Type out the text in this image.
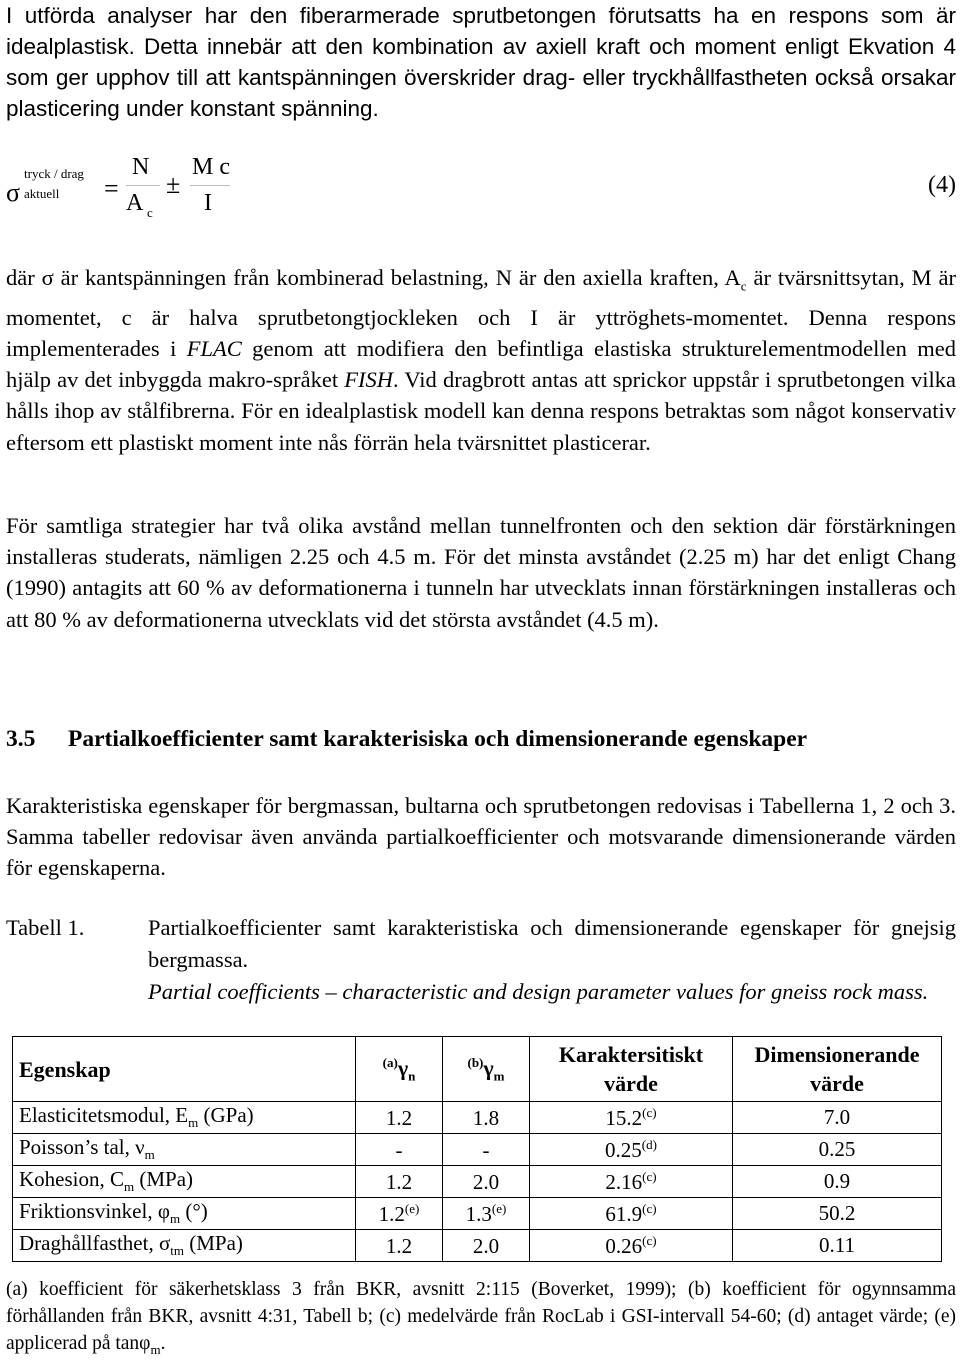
I utförda analyser har den fiberarmerade sprutbetongen förutsatts ha en respons som är idealplastisk. Detta innebär att den kombination av axiell kraft och moment enligt Ekvation 4 som ger upphov till att kantspänningen överskrider drag- eller tryckhållfastheten också orsakar plasticering under konstant spänning.

σ
tryck / drag
aktuell =
N
A c
±
M c
I
(4)

där σ är kantspänningen från kombinerad belastning, N är den axiella kraften, $A_c$ är tvärsnittsytan, M är momentet, c är halva sprutbetongtjockleken och I är yttröghets-momentet. Denna respons implementerades i FLAC genom att modifiera den befintliga elastiska strukturelementmodellen med hjälp av det inbyggda makro-språket FISH. Vid dragbrott antas att sprickor uppstår i sprutbetongen vilka hålls ihop av stålfibrerna. För en idealplastisk modell kan denna respons betraktas som något konservativ eftersom ett plastiskt moment inte nås förrän hela tvärsnittet plasticerar.

För samtliga strategier har två olika avstånd mellan tunnelfronten och den sektion där förstärkningen installeras studerats, nämligen 2.25 och 4.5 m. För det minsta avståndet (2.25 m) har det enligt Chang (1990) antagits att 60 % av deformationerna i tunneln har utvecklats innan förstärkningen installeras och att 80 % av deformationerna utvecklats vid det största avståndet (4.5 m).

3.5 Partialkoefficienter samt karakterisiska och dimensionerande egenskaper

Karakteristiska egenskaper för bergmassan, bultarna och sprutbetongen redovisas i Tabellerna 1, 2 och 3. Samma tabeller redovisar även använda partialkoefficienter och motsvarande dimensionerande värden för egenskaperna.

Tabell 1.	Partialkoefficienter samt karakteristiska och dimensionerande egenskaper för gnejsig bergmassa.
Partial coefficients – characteristic and design parameter values for gneiss rock mass.
Egenskap	$^{(a)}\gamma_n$	$^{(b)}\gamma_m$	Karaktersitiskt värde	Dimensionerande värde
Elasticitetsmodul, $E_m$ (GPa)	1.2	1.8	15.2$^{(c)}$	7.0
Poisson’s tal, $\nu_m$	-	-	0.25$^{(d)}$	0.25
Kohesion, $C_m$ (MPa)	1.2	2.0	2.16$^{(c)}$	0.9
Friktionsvinkel, $\varphi_m$ (°)	1.2$^{(e)}$	1.3$^{(e)}$	61.9$^{(c)}$	50.2
Draghållfasthet, $\sigma_{tm}$ (MPa)	1.2	2.0	0.26$^{(c)}$	0.11

(a) koefficient för säkerhetsklass 3 från BKR, avsnitt 2:115 (Boverket, 1999); (b) koefficient för ogynnsamma förhållanden från BKR, avsnitt 4:31, Tabell b; (c) medelvärde från RocLab i GSI-intervall 54-60; (d) antaget värde; (e) applicerad på tanφ$_m$.
